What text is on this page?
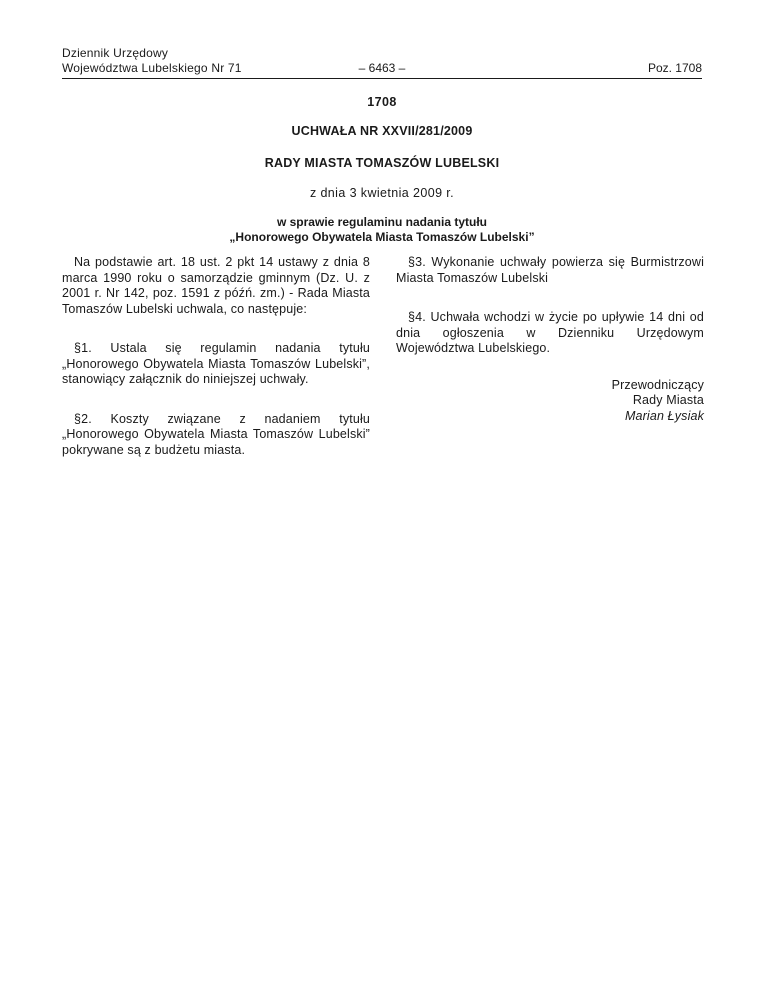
Dziennik Urzędowy
Województwa Lubelskiego Nr 71	– 6463 –	Poz. 1708
1708
UCHWAŁA NR XXVII/281/2009
RADY MIASTA TOMASZÓW LUBELSKI
z dnia 3 kwietnia 2009 r.
w sprawie regulaminu nadania tytułu
„Honorowego Obywatela Miasta Tomaszów Lubelski”

Na podstawie art. 18 ust. 2 pkt 14 ustawy z dnia 8 marca 1990 roku o samorządzie gminnym (Dz. U. z 2001 r. Nr 142, poz. 1591 z późń. zm.) - Rada Miasta Tomaszów Lubelski uchwala, co następuje:

§1. Ustala się regulamin nadania tytułu „Honorowego Obywatela Miasta Tomaszów Lubelski”, stanowiący załącznik do niniejszej uchwały.

§2. Koszty związane z nadaniem tytułu „Honorowego Obywatela Miasta Tomaszów Lubelski” pokrywane są z budżetu miasta.

§3. Wykonanie uchwały powierza się Burmistrzowi Miasta Tomaszów Lubelski

§4. Uchwała wchodzi w życie po upływie 14 dni od dnia ogłoszenia w Dzienniku Urzędowym Województwa Lubelskiego.

Przewodniczący
Rady Miasta
Marian Łysiak
